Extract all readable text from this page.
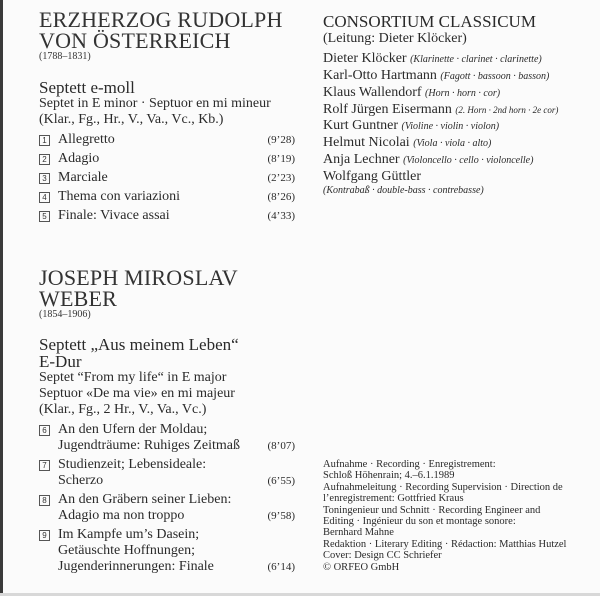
ERZHERZOG RUDOLPH
VON ÖSTERREICH
(1788–1831)
Septett e-moll
Septet in E minor · Septuor en mi mineur
(Klar., Fg., Hr., V., Va., Vc., Kb.)
1 Allegretto	(9’28)
2 Adagio	(8’19)
3 Marciale	(2’23)
4 Thema con variazioni	(8’26)
5 Finale: Vivace assai	(4’33)
JOSEPH MIROSLAV
WEBER
(1854–1906)
Septett „Aus meinem Leben“
E-Dur
Septet “From my life“ in E major
Septuor «De ma vie» en mi majeur
(Klar., Fg., 2 Hr., V., Va., Vc.)
6 An den Ufern der Moldau;
Jugendträume: Ruhiges Zeitmaß	(8’07)
7 Studienzeit; Lebensideale:
Scherzo	(6’55)
8 An den Gräbern seiner Lieben:
Adagio ma non troppo	(9’58)
9 Im Kampfe um’s Dasein;
Getäuschte Hoffnungen;
Jugenderinnerungen: Finale	(6’14)
CONSORTIUM CLASSICUM
(Leitung: Dieter Klöcker)
Dieter Klöcker (Klarinette · clarinet · clarinette)
Karl-Otto Hartmann (Fagott · bassoon · basson)
Klaus Wallendorf (Horn · horn · cor)
Rolf Jürgen Eisermann (2. Horn · 2nd horn · 2e cor)
Kurt Guntner (Violine · violin · violon)
Helmut Nicolai (Viola · viola · alto)
Anja Lechner (Violoncello · cello · violoncelle)
Wolfgang Güttler
(Kontrabaß · double-bass · contrebasse)
Aufnahme · Recording · Enregistrement:
Schloß Höhenrain; 4.–6.1.1989
Aufnahmeleitung · Recording Supervision · Direction de
l’enregistrement: Gottfried Kraus
Toningenieur und Schnitt · Recording Engineer and
Editing · Ingénieur du son et montage sonore:
Bernhard Mahne
Redaktion · Literary Editing · Rédaction: Matthias Hutzel
Cover: Design CC Schriefer
© ORFEO GmbH
